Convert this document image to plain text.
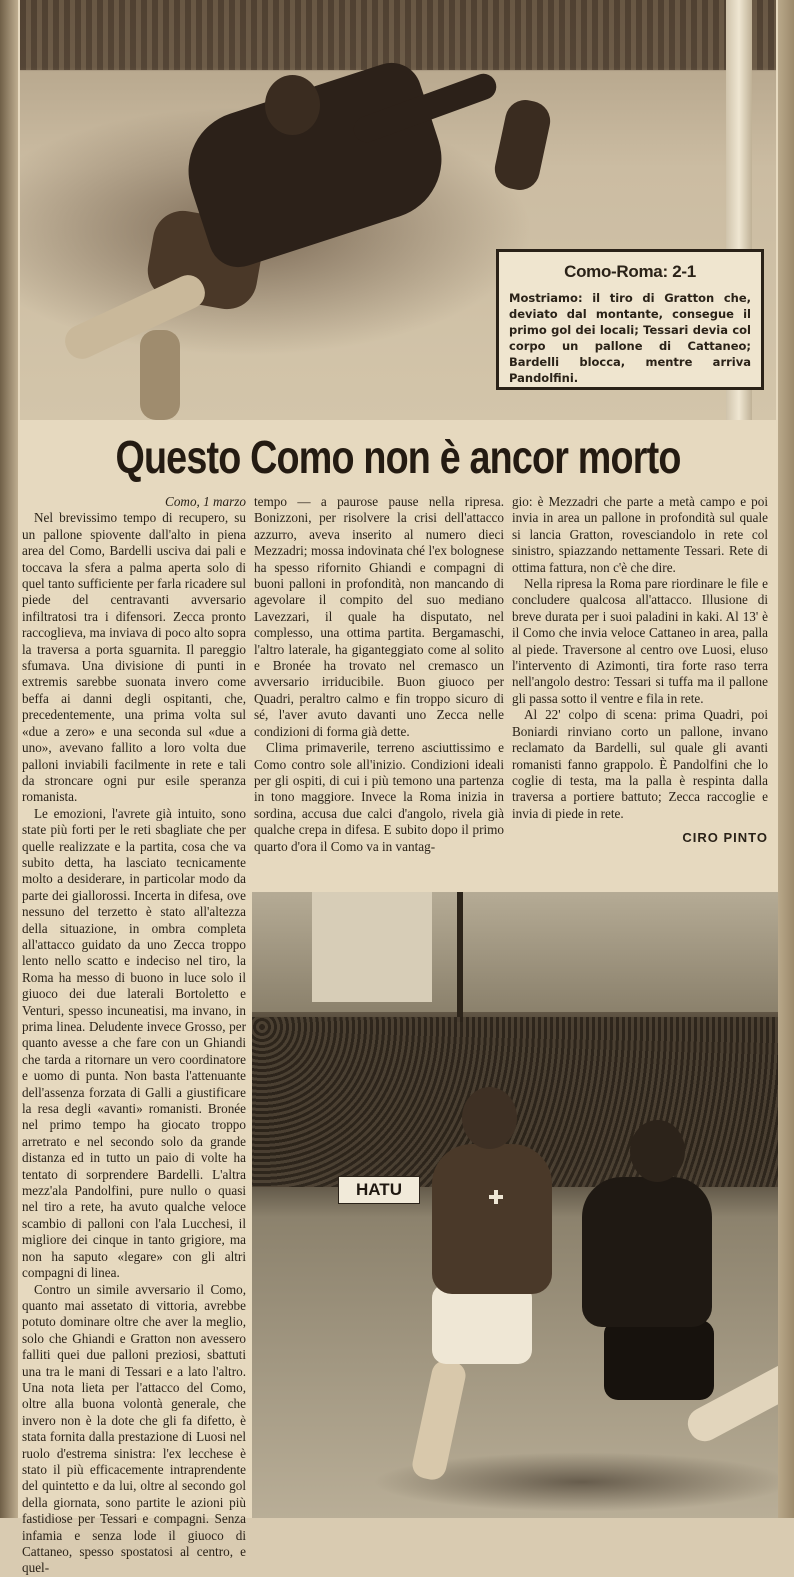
Como-Roma: 2-1
Mostriamo: il tiro di Gratton che, deviato dal montante, consegue il primo gol dei locali; Tessari devia col corpo un pallone di Cattaneo; Bardelli blocca, mentre arriva Pandolfini.
Questo Como non è ancor morto
Como, 1 marzo

Nel brevissimo tempo di recupero, su un pallone spiovente dall'alto in piena area del Como, Bardelli usciva dai pali e toccava la sfera a palma aperta solo di quel tanto sufficiente per farla ricadere sul piede del centravanti avversario infiltratosi tra i difensori. Zecca pronto raccoglieva, ma inviava di poco alto sopra la traversa a porta sguarnita. Il pareggio sfumava. Una divisione di punti in extremis sarebbe suonata invero come beffa ai danni degli ospitanti, che, precedentemente, una prima volta sul «due a zero» e una seconda sul «due a uno», avevano fallito a loro volta due palloni inviabili facilmente in rete e tali da stroncare ogni pur esile speranza romanista.

Le emozioni, l'avrete già intuito, sono state più forti per le reti sbagliate che per quelle realizzate e la partita, cosa che va subito detta, ha lasciato tecnicamente molto a desiderare, in particolar modo da parte dei giallorossi. Incerta in difesa, ove nessuno del terzetto è stato all'altezza della situazione, in ombra completa all'attacco guidato da uno Zecca troppo lento nello scatto e indeciso nel tiro, la Roma ha messo di buono in luce solo il giuoco dei due laterali Bortoletto e Venturi, spesso incuneatisi, ma invano, in prima linea. Deludente invece Grosso, per quanto avesse a che fare con un Ghiandi che tarda a ritornare un vero coordinatore e uomo di punta. Non basta l'attenuante dell'assenza forzata di Galli a giustificare la resa degli «avanti» romanisti. Bronée nel primo tempo ha giocato troppo arretrato e nel secondo solo da grande distanza ed in tutto un paio di volte ha tentato di sorprendere Bardelli. L'altra mezz'ala Pandolfini, pure nullo o quasi nel tiro a rete, ha avuto qualche veloce scambio di palloni con l'ala Lucchesi, il migliore dei cinque in tanto grigiore, ma non ha saputo «legare» con gli altri compagni di linea.

Contro un simile avversario il Como, quanto mai assetato di vittoria, avrebbe potuto dominare oltre che aver la meglio, solo che Ghiandi e Gratton non avessero falliti quei due palloni preziosi, sbattuti una tra le mani di Tessari e a lato l'altro. Una nota lieta per l'attacco del Como, oltre alla buona volontà generale, che invero non è la dote che gli fa difetto, è stata fornita dalla prestazione di Luosi nel ruolo d'estrema sinistra: l'ex lecchese è stato il più efficacemente intraprendente del quintetto e da lui, oltre al secondo gol della giornata, sono partite le azioni più fastidiose per Tessari e compagni. Senza infamia e senza lode il giuoco di Cattaneo, spesso spostatosi al centro, e quel-

tempo — a paurose pause nella ripresa. Bonizzoni, per risolvere la crisi dell'attacco azzurro, aveva inserito al numero dieci Mezzadri; mossa indovinata ché l'ex bolognese ha spesso rifornito Ghiandi e compagni di buoni palloni in profondità, non mancando di agevolare il compito del suo mediano Lavezzari, il quale ha disputato, nel complesso, una ottima partita. Bergamaschi, l'altro laterale, ha giganteggiato come al solito e Bronée ha trovato nel cremasco un avversario irriducibile. Buon giuoco per Quadri, peraltro calmo e fin troppo sicuro di sé, l'aver avuto davanti uno Zecca nelle condizioni di forma già dette.

Clima primaverile, terreno asciuttissimo e Como contro sole all'inizio. Condizioni ideali per gli ospiti, di cui i più temono una partenza in tono maggiore. Invece la Roma inizia in sordina, accusa due calci d'angolo, rivela già qualche crepa in difesa. E subito dopo il primo quarto d'ora il Como va in vantag-

gio: è Mezzadri che parte a metà campo e poi invia in area un pallone in profondità sul quale si lancia Gratton, rovesciandolo in rete col sinistro, spiazzando nettamente Tessari. Rete di ottima fattura, non c'è che dire.

Nella ripresa la Roma pare riordinare le file e concludere qualcosa all'attacco. Illusione di breve durata per i suoi paladini in kaki. Al 13' è il Como che invia veloce Cattaneo in area, palla al piede. Traversone al centro ove Luosi, eluso l'intervento di Azimonti, tira forte raso terra nell'angolo destro: Tessari si tuffa ma il pallone gli passa sotto il ventre e fila in rete.

Al 22' colpo di scena: prima Quadri, poi Boniardi rinviano corto un pallone, invano reclamato da Bardelli, sul quale gli avanti romanisti fanno grappolo. È Pandolfini che lo coglie di testa, ma la palla è respinta dalla traversa a portiere battuto; Zecca raccoglie e invia di piede in rete.

CIRO PINTO
HATU
